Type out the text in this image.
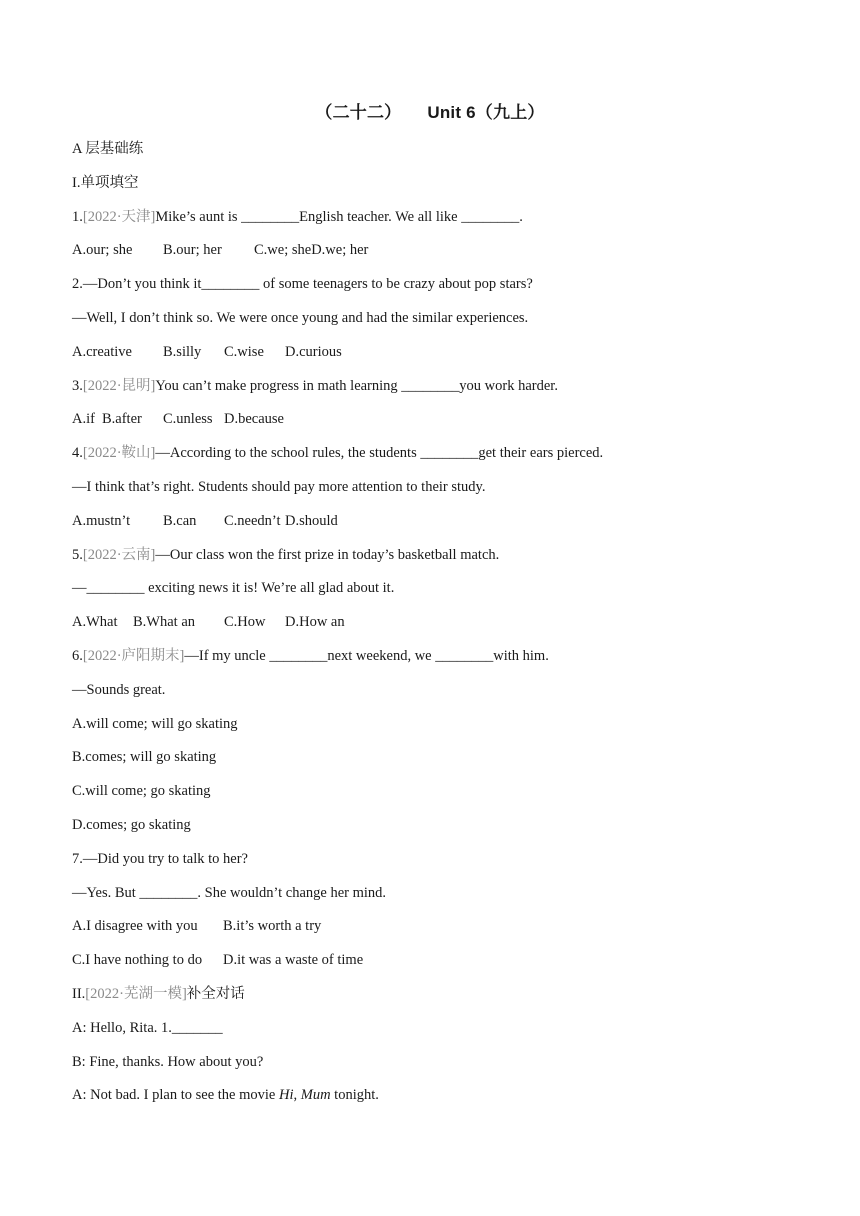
（二十二） Unit 6（九上）
A 层基础练
I.单项填空
1.[2022·天津]Mike’s aunt is ________English teacher. We all like ________.
A.our; she B.our; her C.we; sheD.we; her
2.—Don’t you think it________ of some teenagers to be crazy about pop stars?
—Well, I don’t think so. We were once young and had the similar experiences.
A.creative B.silly C.wise D.curious
3.[2022·昆明]You can’t make progress in math learning ________you work harder.
A.if B.after C.unless D.because
4.[2022·鞍山]—According to the school rules, the students ________get their ears pierced.
—I think that’s right. Students should pay more attention to their study.
A.mustn’t B.can C.needn’t D.should
5.[2022·云南]—Our class won the first prize in today’s basketball match.
—________ exciting news it is! We’re all glad about it.
A.What B.What an C.How D.How an
6.[2022·庐阳期末]—If my uncle ________next weekend, we ________with him.
—Sounds great.
A.will come; will go skating
B.comes; will go skating
C.will come; go skating
D.comes; go skating
7.—Did you try to talk to her?
—Yes. But ________. She wouldn’t change her mind.
A.I disagree with you B.it’s worth a try
C.I have nothing to do D.it was a waste of time
II.[2022·芜湖一模]补全对话
A: Hello, Rita. 1._______
B: Fine, thanks. How about you?
A: Not bad. I plan to see the movie Hi, Mum tonight.
